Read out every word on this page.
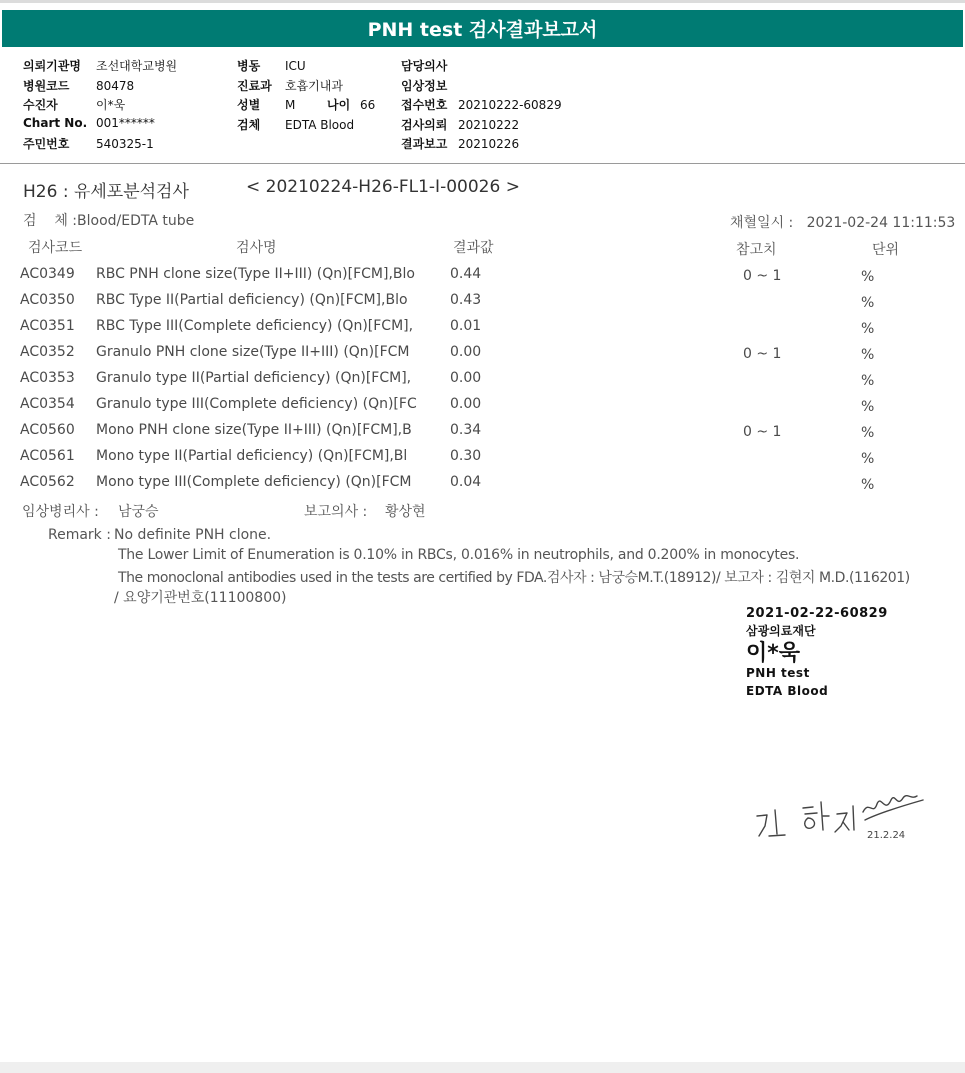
PNH test 검사결과보고서
의뢰기관명 조선대학교병원
병원코드 80478
수진자	이*욱
Chart No. 001******
주민번호 540325-1
병동 ICU
진료과 호흡기내과
성별 M	나이 66
검체 EDTA Blood
담당의사
임상정보
접수번호 20210222-60829
검사의뢰 20210222
결과보고 20210226
H26 : 유세포분석검사	< 20210224-H26-FL1-I-00026 >
검    체 :Blood/EDTA tube	채혈일시 : 2021-02-24 11:11:53
검사코드	검사명	결과값	참고치	단위
AC0349 RBC PNH clone size(Type II+III) (Qn)[FCM],Blo	0.44	0 ~ 1	%
AC0350 RBC Type II(Partial deficiency) (Qn)[FCM],Blo	0.43	%
AC0351 RBC Type III(Complete deficiency) (Qn)[FCM],	0.01	%
AC0352 Granulo PNH clone size(Type II+III) (Qn)[FCM	0.00	0 ~ 1	%
AC0353 Granulo type II(Partial deficiency) (Qn)[FCM],	0.00	%
AC0354 Granulo type III(Complete deficiency) (Qn)[FC 0.00	%
AC0560 Mono PNH clone size(Type II+III) (Qn)[FCM],B	0.34	0 ~ 1	%
AC0561 Mono type II(Partial deficiency) (Qn)[FCM],Bl	0.30	%
AC0562 Mono type III(Complete deficiency) (Qn)[FCM	0.04	%
임상병리사 : 남궁승	보고의사 : 황상현
Remark : No definite PNH clone.
The Lower Limit of Enumeration is 0.10% in RBCs, 0.016% in neutrophils, and 0.200% in monocytes.
The monoclonal antibodies used in the tests are certified by FDA.검사자 : 남궁승M.T.(18912)/ 보고자 : 김현지 M.D.(116201)
/ 요양기관번호(11100800)
2021-02-22-60829
삼광의료재단
이*욱
PNH test
EDTA Blood
21.2.24
